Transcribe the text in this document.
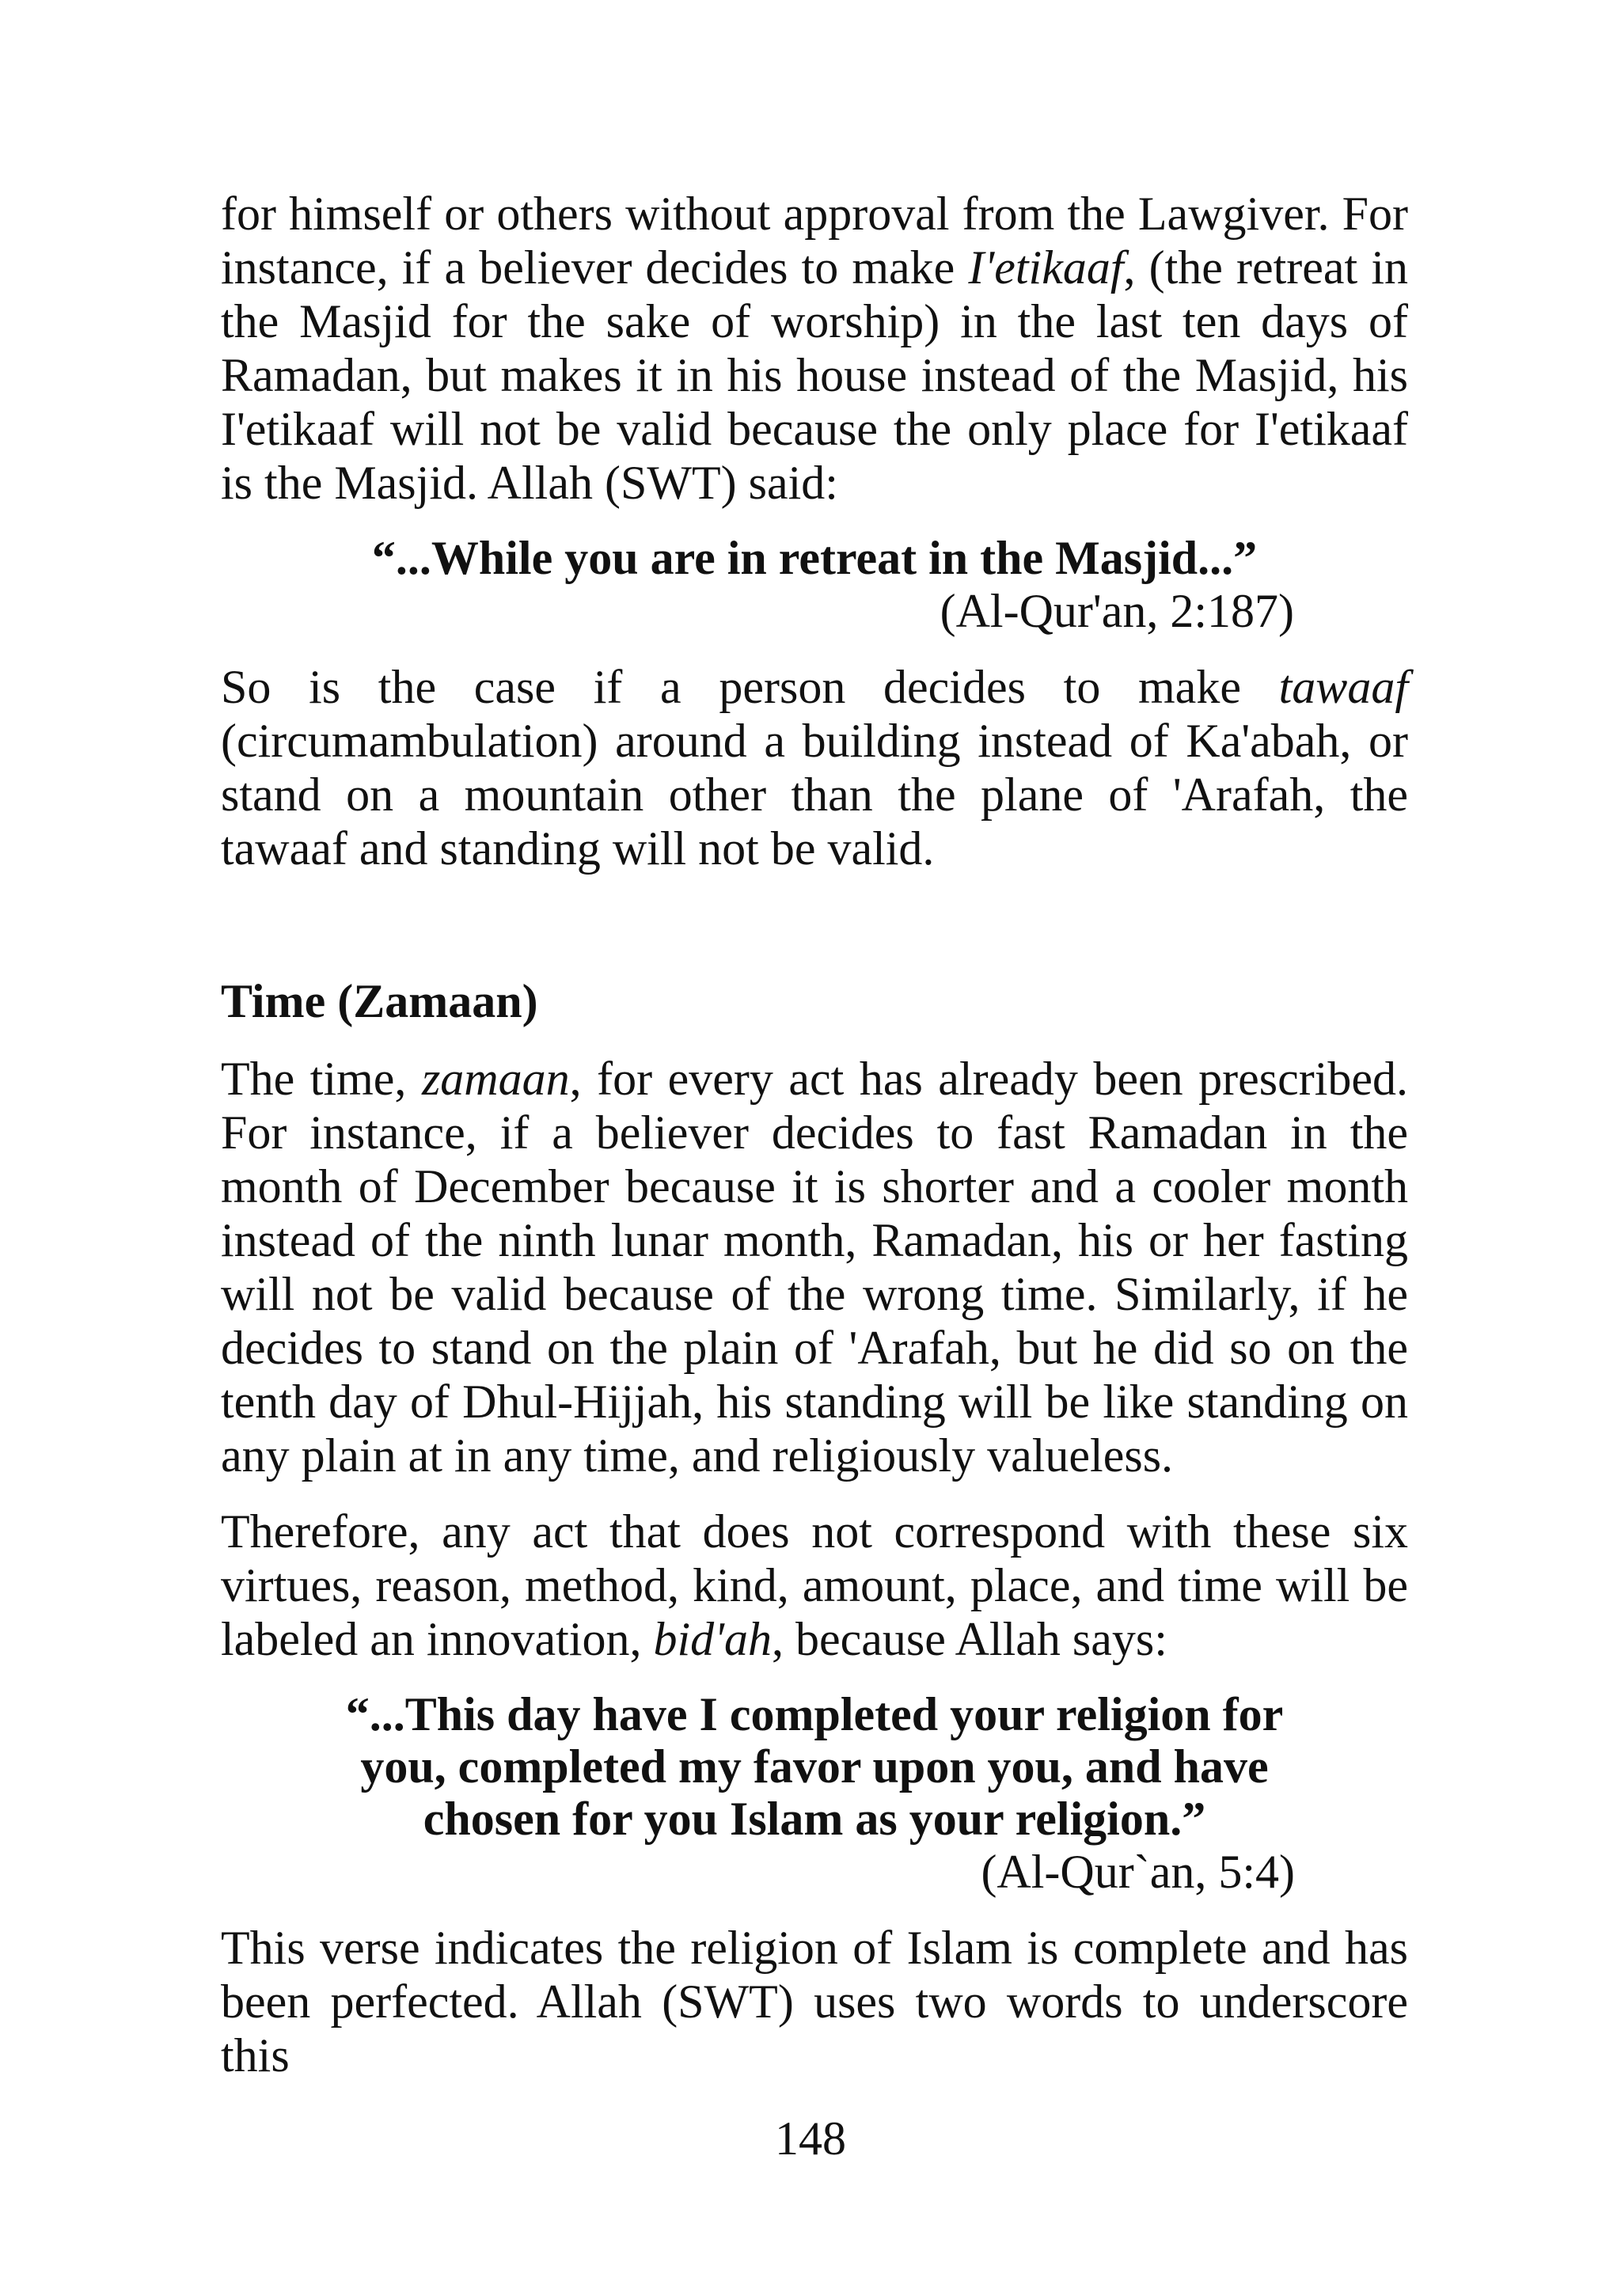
for himself or others without approval from the Lawgiver. For instance, if a believer decides to make I'etikaaf, (the retreat in the Masjid for the sake of worship) in the last ten days of Ramadan, but makes it in his house instead of the Masjid, his I'etikaaf will not be valid because the only place for I'etikaaf is the Masjid. Allah (SWT) said:

“...While you are in retreat in the Masjid...”

(Al-Qur'an, 2:187)

So is the case if a person decides to make tawaaf (circumambulation) around a building instead of Ka'abah, or stand on a mountain other than the plane of 'Arafah, the tawaaf and standing will not be valid.

Time (Zamaan)

The time, zamaan, for every act has already been prescribed. For instance, if a believer decides to fast Ramadan in the month of December because it is shorter and a cooler month instead of the ninth lunar month, Ramadan, his or her fasting will not be valid because of the wrong time. Similarly, if he decides to stand on the plain of 'Arafah, but he did so on the tenth day of Dhul-Hijjah, his standing will be like standing on any plain at in any time, and religiously valueless.

Therefore, any act that does not correspond with these six virtues, reason, method, kind, amount, place, and time will be labeled an innovation, bid'ah, because Allah says:

“...This day have I completed your religion for
you, completed my favor upon you, and have
chosen for you Islam as your religion.”

(Al-Qur`an, 5:4)

This verse indicates the religion of Islam is complete and has been perfected. Allah (SWT) uses two words to underscore this

148
